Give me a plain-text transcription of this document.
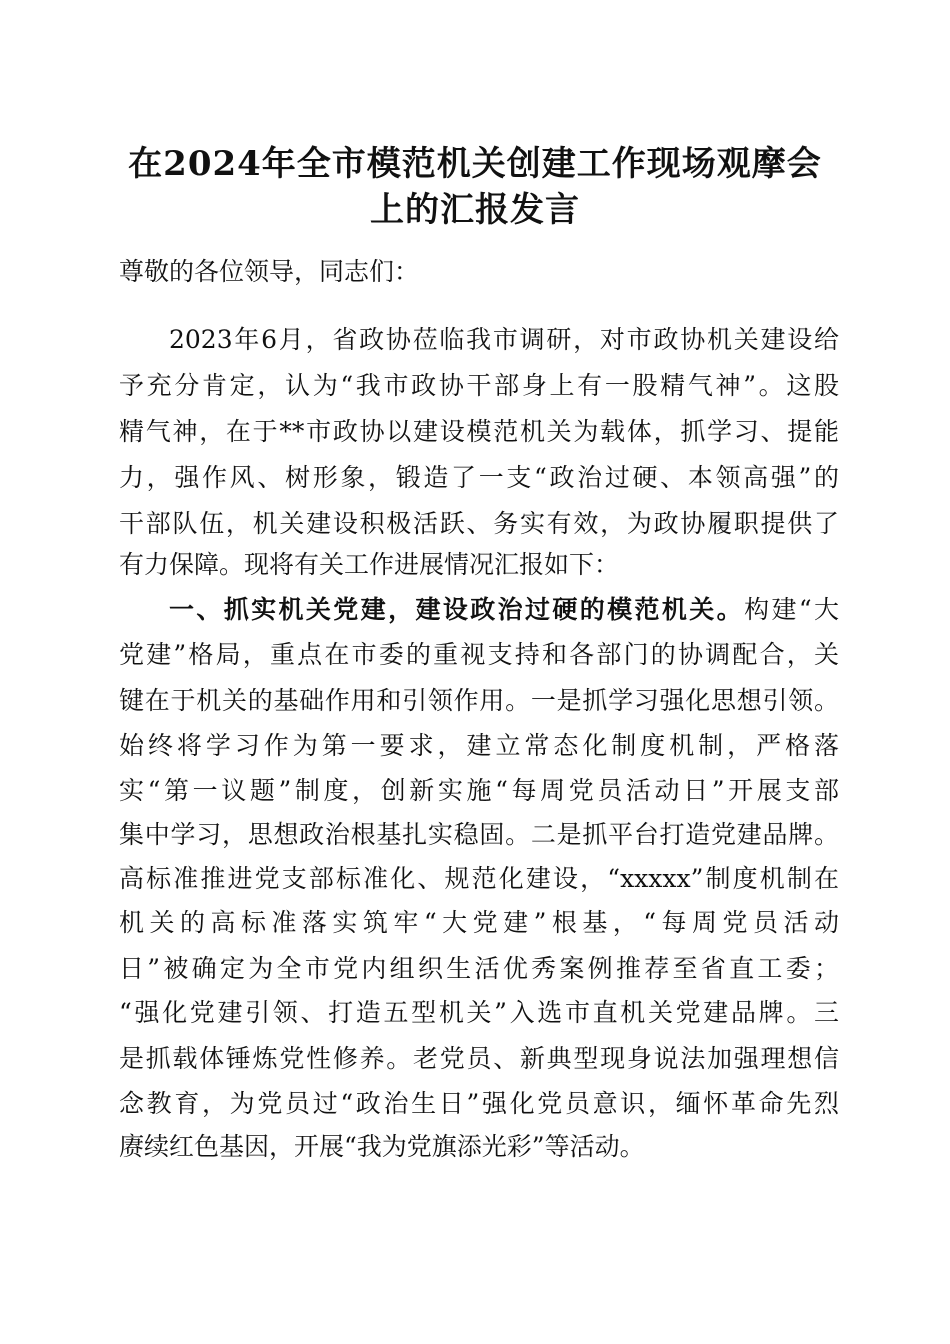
在2024年全市模范机关创建工作现场观摩会
上的汇报发言
尊敬的各位领导，同志们：
2023年6月，省政协莅临我市调研，对市政协机关建设给
予充分肯定，认为“我市政协干部身上有一股精气神”。这股
精气神，在于**市政协以建设模范机关为载体，抓学习、提能
力，强作风、树形象，锻造了一支“政治过硬、本领高强”的
干部队伍，机关建设积极活跃、务实有效，为政协履职提供了
有力保障。现将有关工作进展情况汇报如下：
一、抓实机关党建，建设政治过硬的模范机关。构建“大
党建”格局，重点在市委的重视支持和各部门的协调配合，关
键在于机关的基础作用和引领作用。一是抓学习强化思想引领。
始终将学习作为第一要求，建立常态化制度机制，严格落
实“第一议题”制度，创新实施“每周党员活动日”开展支部
集中学习，思想政治根基扎实稳固。二是抓平台打造党建品牌。
高标准推进党支部标准化、规范化建设，“xxxxx”制度机制在
机关的高标准落实筑牢“大党建”根基，“每周党员活动
日”被确定为全市党内组织生活优秀案例推荐至省直工委；
“强化党建引领、打造五型机关”入选市直机关党建品牌。三
是抓载体锤炼党性修养。老党员、新典型现身说法加强理想信
念教育，为党员过“政治生日”强化党员意识，缅怀革命先烈
赓续红色基因，开展“我为党旗添光彩”等活动。
